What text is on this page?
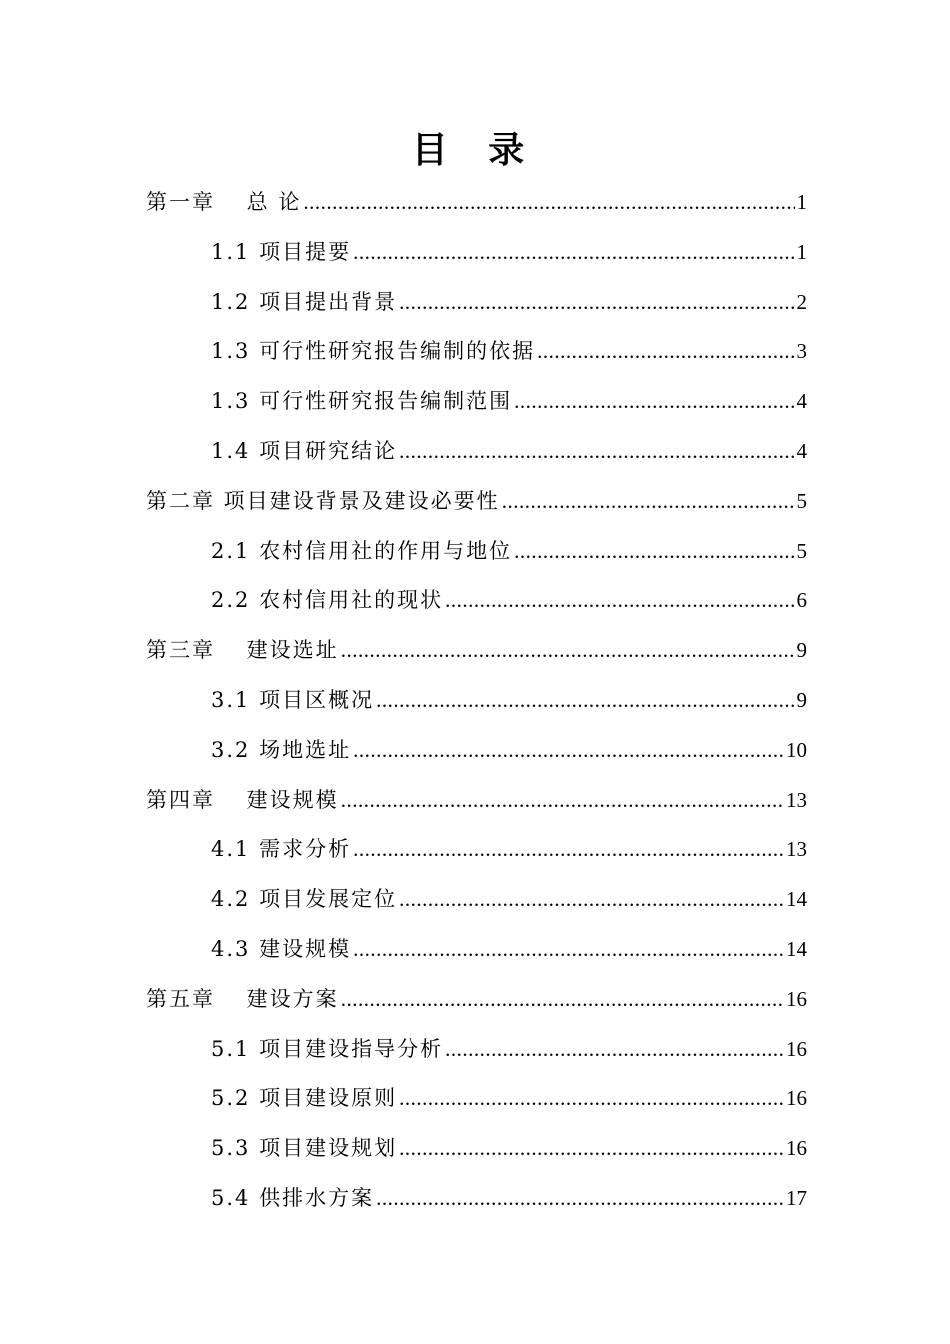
目 录
第一章　 总 论 .....	1
1.1 项目提要 .....	1
1.2 项目提出背景 .....	2
1.3 可行性研究报告编制的依据 .....	3
1.3 可行性研究报告编制范围 .....	4
1.4 项目研究结论 .....	4
第二章 项目建设背景及建设必要性 .....	5
2.1 农村信用社的作用与地位 .....	5
2.2 农村信用社的现状 .....	6
第三章　 建设选址 .....	9
3.1 项目区概况 .....	9
3.2 场地选址 .....	10
第四章　 建设规模 .....	13
4.1 需求分析 .....	13
4.2 项目发展定位 .....	14
4.3 建设规模 .....	14
第五章　 建设方案 .....	16
5.1 项目建设指导分析 .....	16
5.2 项目建设原则 .....	16
5.3 项目建设规划 .....	16
5.4 供排水方案 .....	17
